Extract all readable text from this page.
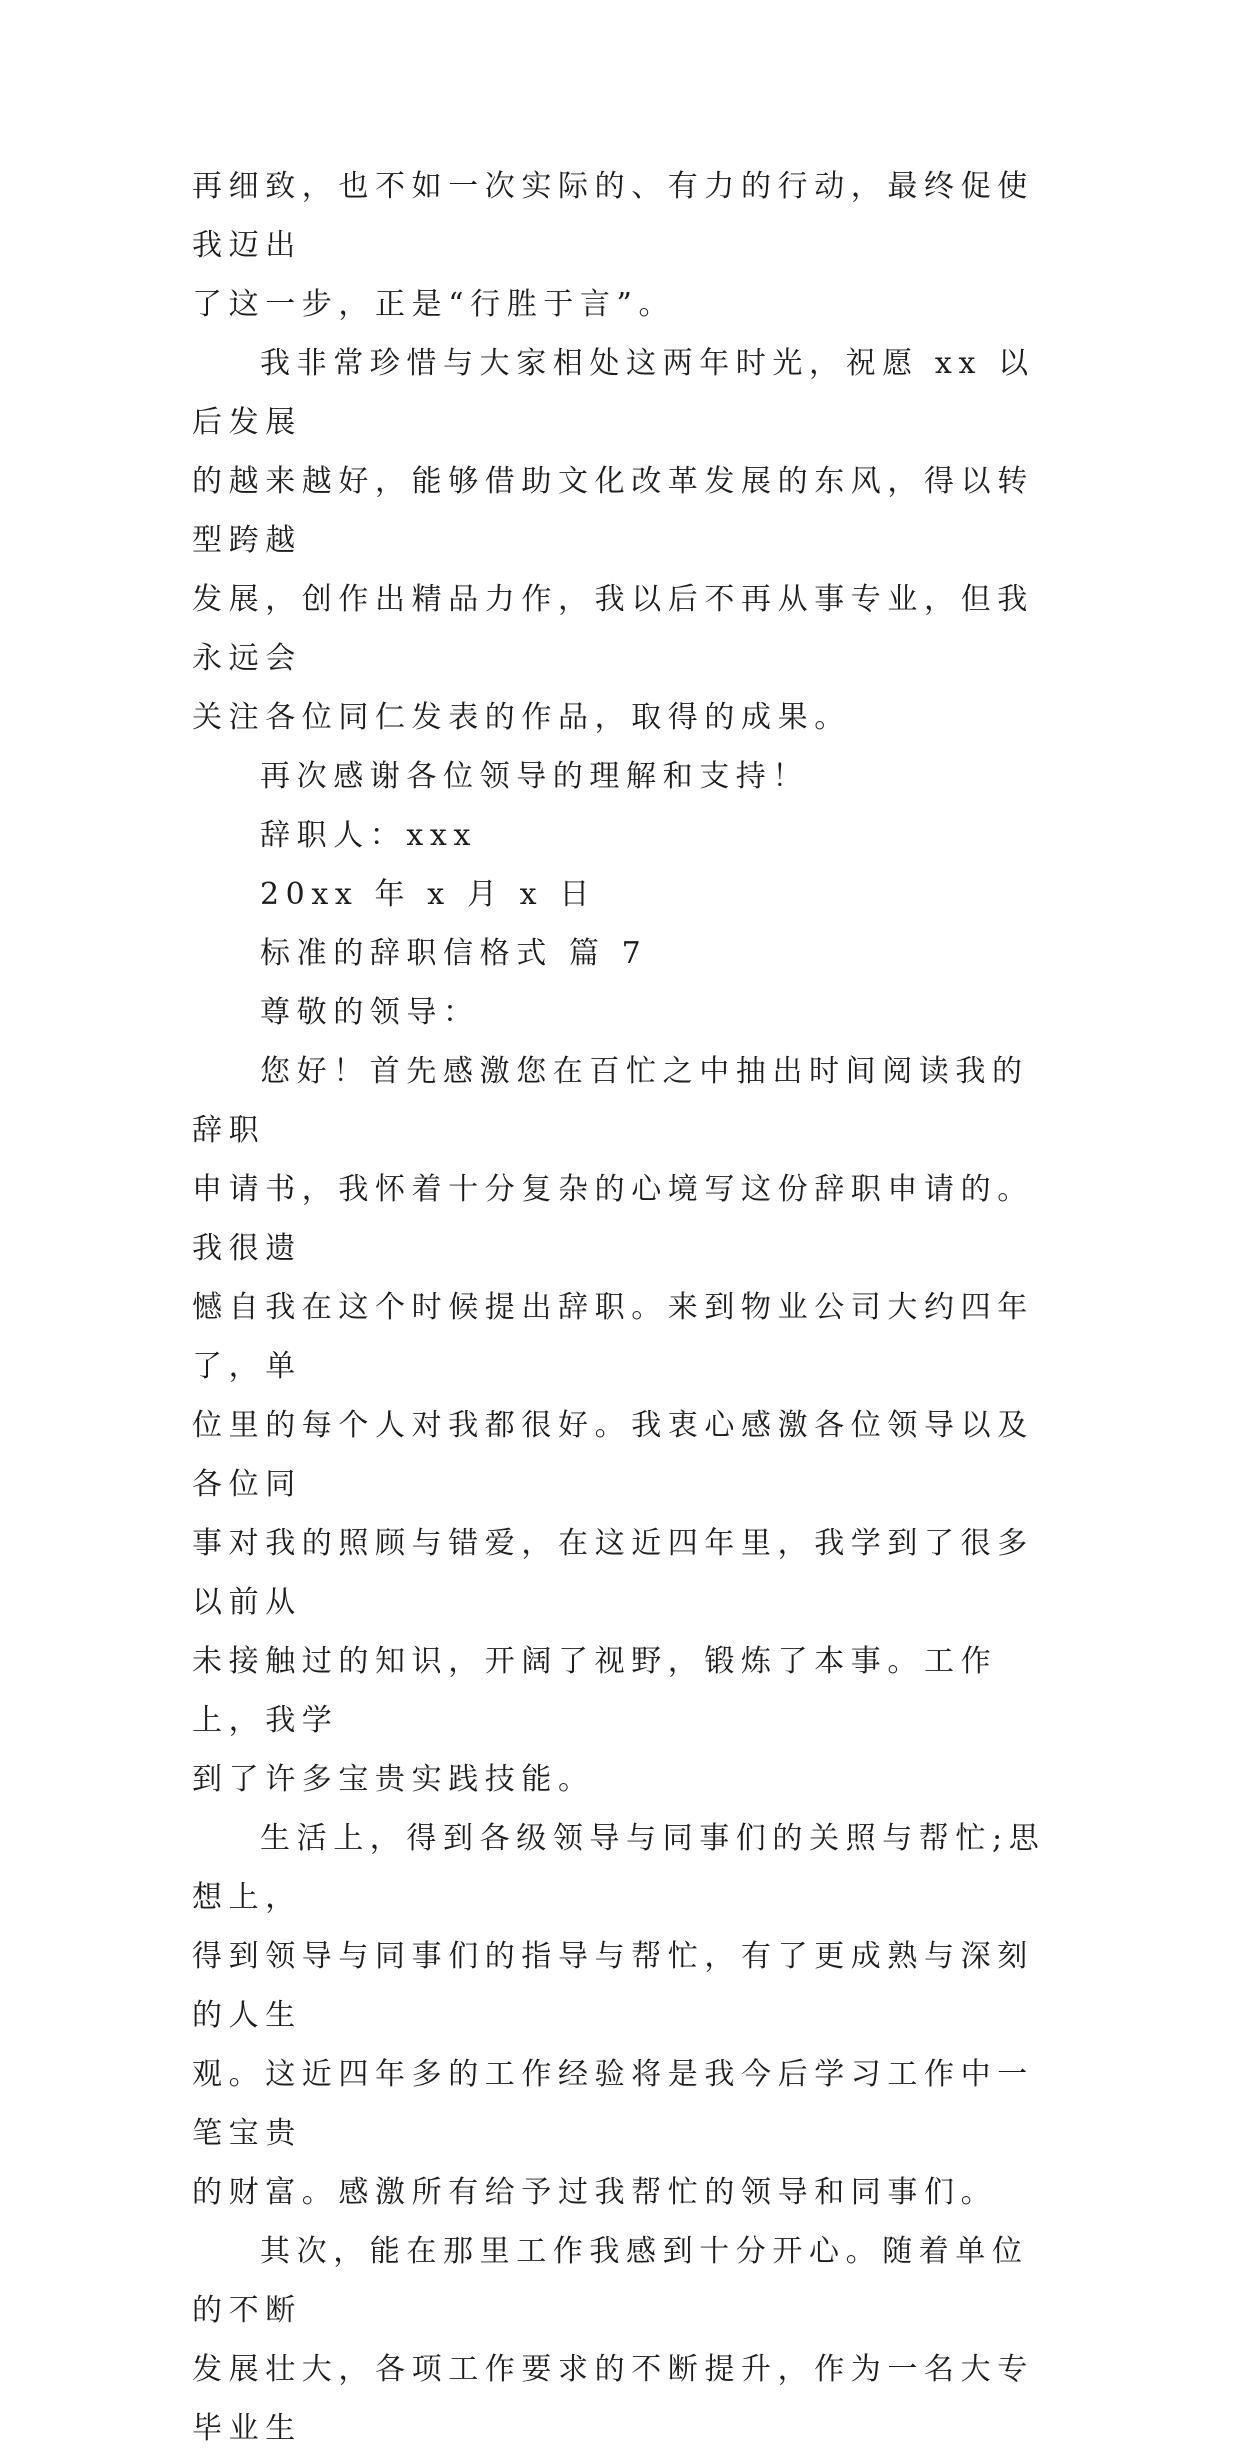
再细致，也不如一次实际的、有力的行动，最终促使我迈出
了这一步，正是“行胜于言”。

我非常珍惜与大家相处这两年时光，祝愿 xx 以后发展
的越来越好，能够借助文化改革发展的东风，得以转型跨越
发展，创作出精品力作，我以后不再从事专业，但我永远会
关注各位同仁发表的作品，取得的成果。

再次感谢各位领导的理解和支持！

辞职人：xxx

20xx 年 x 月 x 日

标准的辞职信格式 篇 7

尊敬的领导：

您好！首先感激您在百忙之中抽出时间阅读我的辞职
申请书，我怀着十分复杂的心境写这份辞职申请的。我很遗
憾自我在这个时候提出辞职。来到物业公司大约四年了，单
位里的每个人对我都很好。我衷心感激各位领导以及各位同
事对我的照顾与错爱，在这近四年里，我学到了很多以前从
未接触过的知识，开阔了视野，锻炼了本事。工作上，我学
到了许多宝贵实践技能。

生活上，得到各级领导与同事们的关照与帮忙;思想上，
得到领导与同事们的指导与帮忙，有了更成熟与深刻的人生
观。这近四年多的工作经验将是我今后学习工作中一笔宝贵
的财富。感激所有给予过我帮忙的领导和同事们。

其次，能在那里工作我感到十分开心。随着单位的不断
发展壮大，各项工作要求的不断提升，作为一名大专毕业生
